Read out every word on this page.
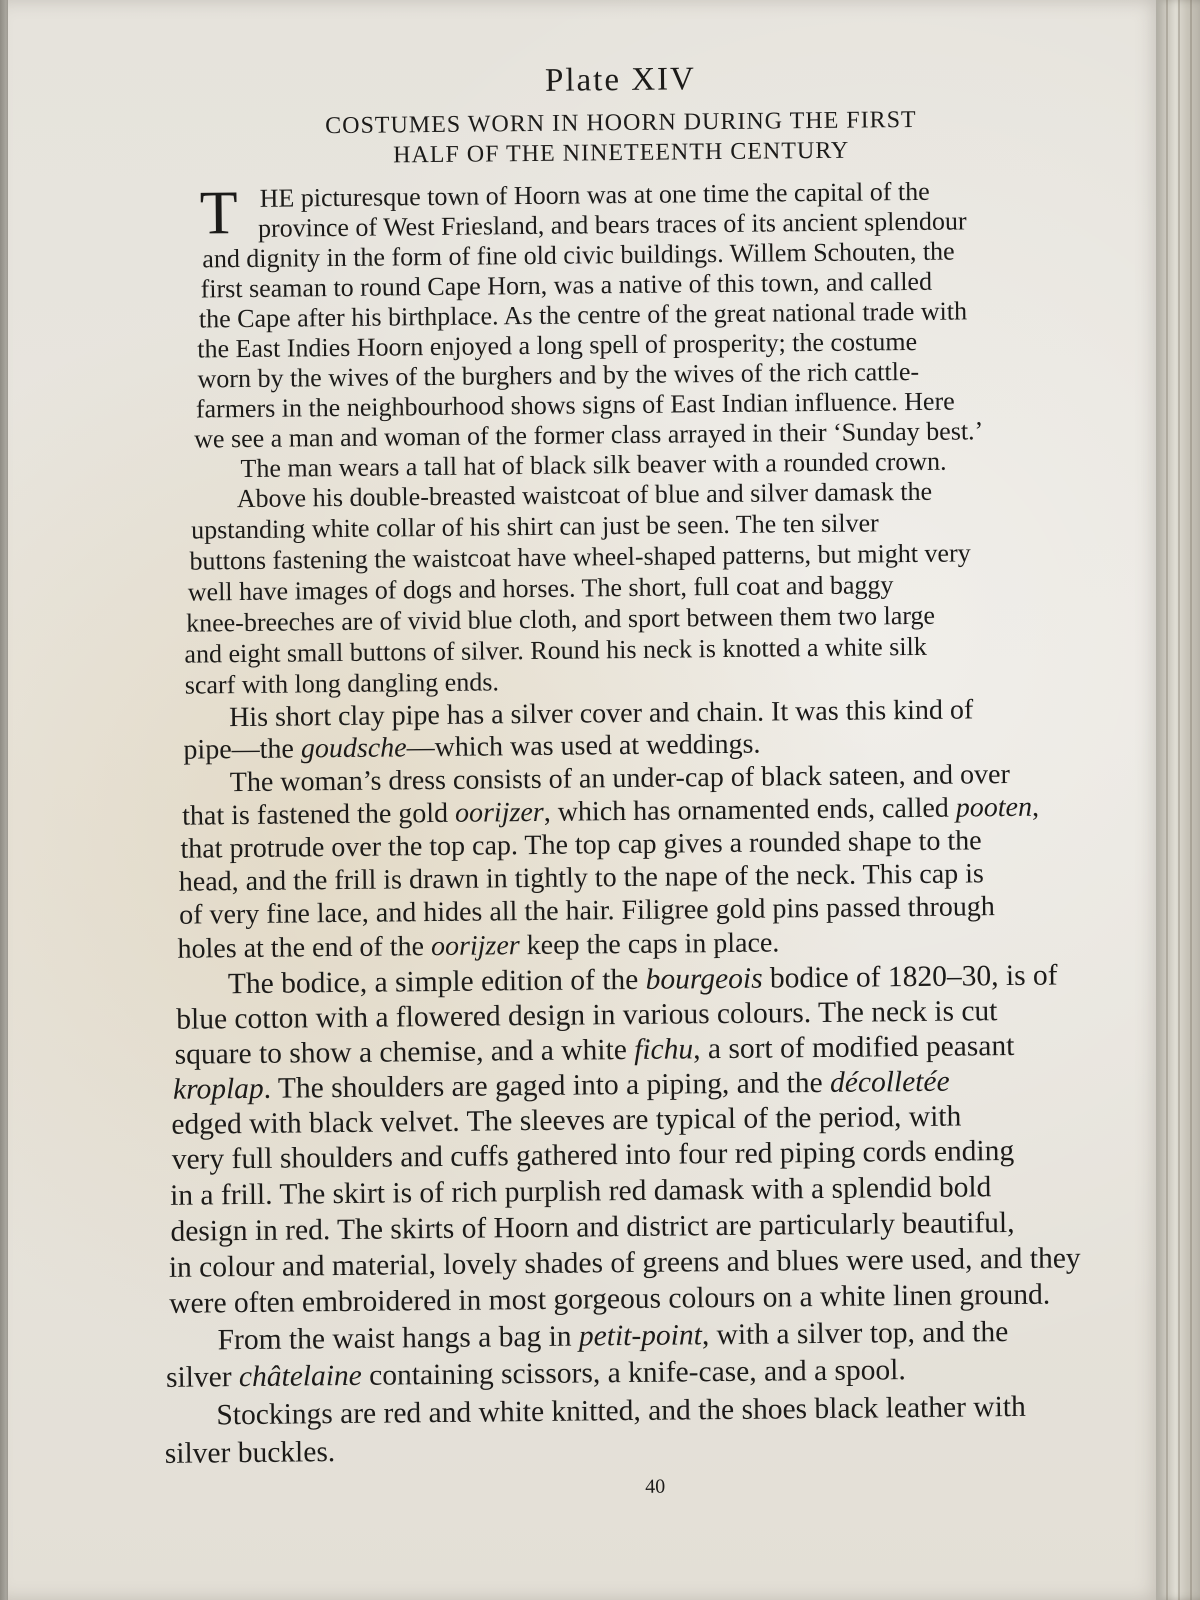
Plate XIV

COSTUMES WORN IN HOORN DURING THE FIRST

HALF OF THE NINETEENTH CENTURY

T HE picturesque town of Hoorn was at one time the capital of the
province of West Friesland, and bears traces of its ancient splendour
and dignity in the form of fine old civic buildings. Willem Schouten, the
first seaman to round Cape Horn, was a native of this town, and called
the Cape after his birthplace. As the centre of the great national trade with
the East Indies Hoorn enjoyed a long spell of prosperity; the costume
worn by the wives of the burghers and by the wives of the rich cattle-
farmers in the neighbourhood shows signs of East Indian influence. Here
we see a man and woman of the former class arrayed in their ‘Sunday best.’
The man wears a tall hat of black silk beaver with a rounded crown.
Above his double-breasted waistcoat of blue and silver damask the
upstanding white collar of his shirt can just be seen. The ten silver
buttons fastening the waistcoat have wheel-shaped patterns, but might very
well have images of dogs and horses. The short, full coat and baggy
knee-breeches are of vivid blue cloth, and sport between them two large
and eight small buttons of silver. Round his neck is knotted a white silk
scarf with long dangling ends.
His short clay pipe has a silver cover and chain. It was this kind of
pipe—the goudsche—which was used at weddings.
The woman’s dress consists of an under-cap of black sateen, and over
that is fastened the gold oorijzer, which has ornamented ends, called pooten,
that protrude over the top cap. The top cap gives a rounded shape to the
head, and the frill is drawn in tightly to the nape of the neck. This cap is
of very fine lace, and hides all the hair. Filigree gold pins passed through
holes at the end of the oorijzer keep the caps in place.
The bodice, a simple edition of the bourgeois bodice of 1820–30, is of
blue cotton with a flowered design in various colours. The neck is cut
square to show a chemise, and a white fichu, a sort of modified peasant
kroplap. The shoulders are gaged into a piping, and the décolletée
edged with black velvet. The sleeves are typical of the period, with
very full shoulders and cuffs gathered into four red piping cords ending
in a frill. The skirt is of rich purplish red damask with a splendid bold
design in red. The skirts of Hoorn and district are particularly beautiful,
in colour and material, lovely shades of greens and blues were used, and they
were often embroidered in most gorgeous colours on a white linen ground.
From the waist hangs a bag in petit-point, with a silver top, and the
silver châtelaine containing scissors, a knife-case, and a spool.
Stockings are red and white knitted, and the shoes black leather with
silver buckles.
40
